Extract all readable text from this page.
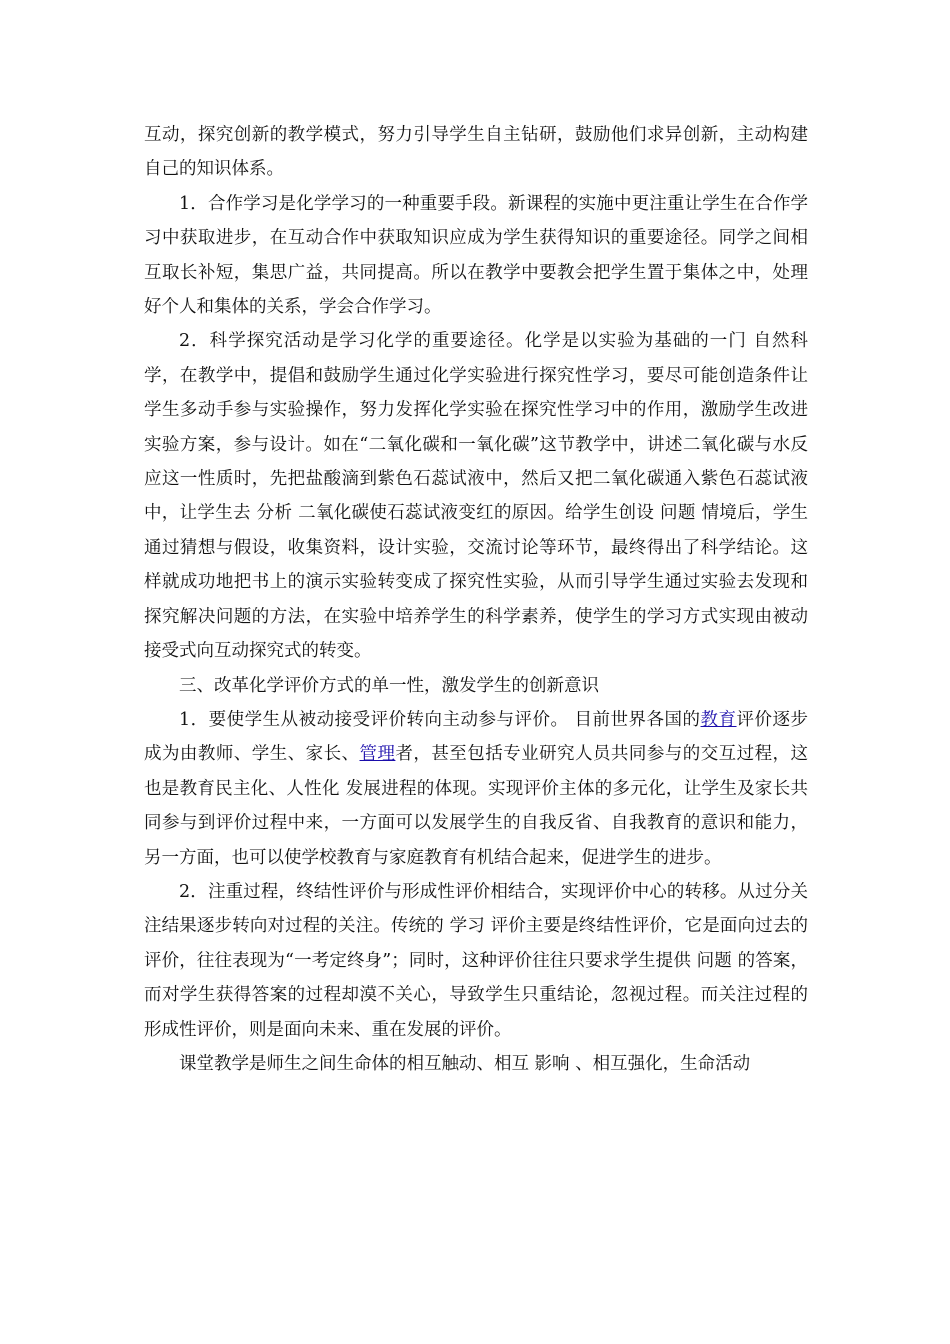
互动，探究创新的教学模式，努力引导学生自主钻研，鼓励他们求异创新，主动构建自己的知识体系。

1．合作学习是化学学习的一种重要手段。新课程的实施中更注重让学生在合作学习中获取进步，在互动合作中获取知识应成为学生获得知识的重要途径。同学之间相互取长补短，集思广益，共同提高。所以在教学中要教会把学生置于集体之中，处理好个人和集体的关系，学会合作学习。

2．科学探究活动是学习化学的重要途径。化学是以实验为基础的一门 自然科学，在教学中，提倡和鼓励学生通过化学实验进行探究性学习，要尽可能创造条件让学生多动手参与实验操作，努力发挥化学实验在探究性学习中的作用，激励学生改进实验方案，参与设计。如在“二氧化碳和一氧化碳”这节教学中，讲述二氧化碳与水反应这一性质时，先把盐酸滴到紫色石蕊试液中，然后又把二氧化碳通入紫色石蕊试液中，让学生去 分析 二氧化碳使石蕊试液变红的原因。给学生创设 问题 情境后，学生通过猜想与假设，收集资料，设计实验，交流讨论等环节，最终得出了科学结论。这样就成功地把书上的演示实验转变成了探究性实验，从而引导学生通过实验去发现和探究解决问题的方法，在实验中培养学生的科学素养，使学生的学习方式实现由被动接受式向互动探究式的转变。

三、改革化学评价方式的单一性，激发学生的创新意识

1．要使学生从被动接受评价转向主动参与评价。 目前世界各国的教育评价逐步成为由教师、学生、家长、管理者，甚至包括专业研究人员共同参与的交互过程，这也是教育民主化、人性化 发展进程的体现。实现评价主体的多元化，让学生及家长共同参与到评价过程中来，一方面可以发展学生的自我反省、自我教育的意识和能力，另一方面，也可以使学校教育与家庭教育有机结合起来，促进学生的进步。

2．注重过程，终结性评价与形成性评价相结合，实现评价中心的转移。从过分关注结果逐步转向对过程的关注。传统的 学习 评价主要是终结性评价，它是面向过去的评价，往往表现为“一考定终身”；同时，这种评价往往只要求学生提供 问题 的答案，而对学生获得答案的过程却漠不关心，导致学生只重结论，忽视过程。而关注过程的形成性评价，则是面向未来、重在发展的评价。

课堂教学是师生之间生命体的相互触动、相互 影响 、相互强化，生命活动
